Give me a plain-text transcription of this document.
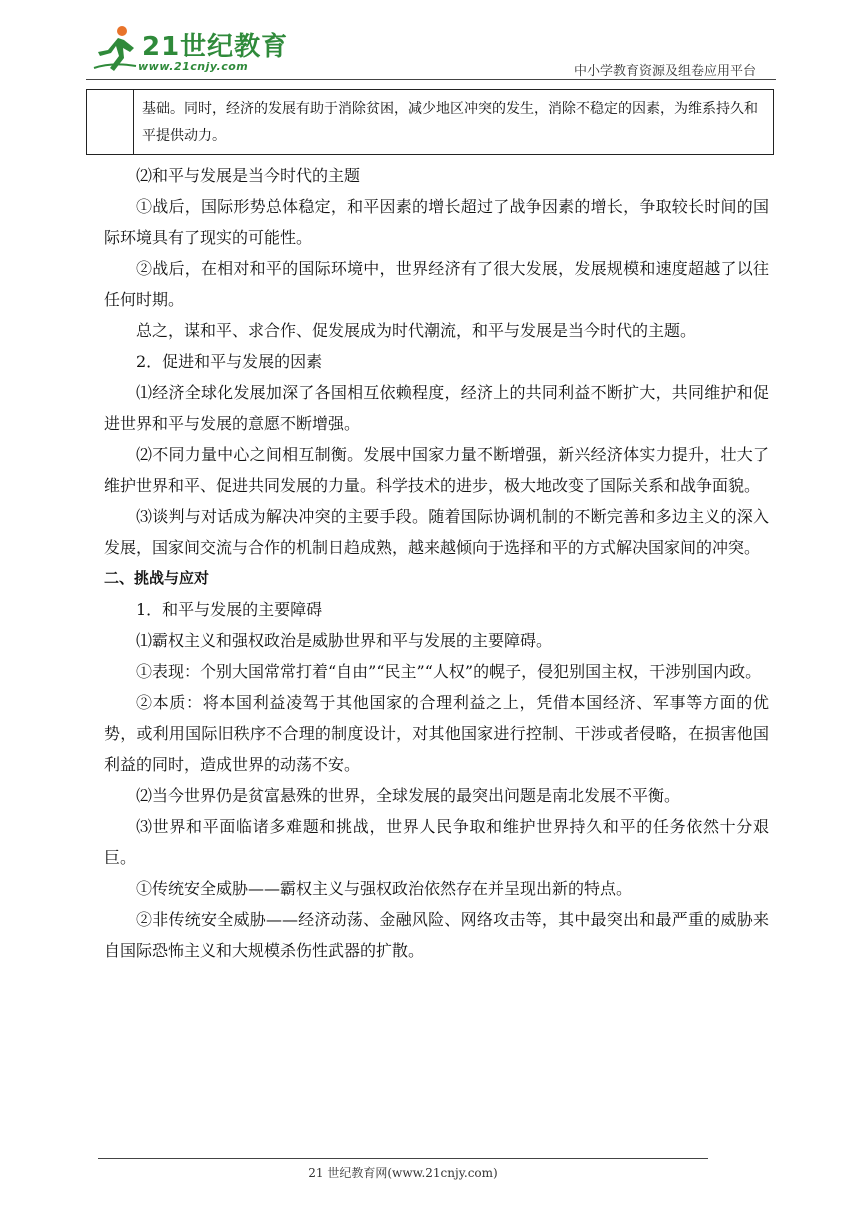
21世纪教育
www.21cnjy.com	中小学教育资源及组卷应用平台
基础。同时，经济的发展有助于消除贫困，减少地区冲突的发生，消除不稳定的因素，为维系持久和平提供动力。

⑵和平与发展是当今时代的主题

①战后，国际形势总体稳定，和平因素的增长超过了战争因素的增长，争取较长时间的国际环境具有了现实的可能性。

②战后，在相对和平的国际环境中，世界经济有了很大发展，发展规模和速度超越了以往任何时期。

总之，谋和平、求合作、促发展成为时代潮流，和平与发展是当今时代的主题。

2．促进和平与发展的因素

⑴经济全球化发展加深了各国相互依赖程度，经济上的共同利益不断扩大，共同维护和促进世界和平与发展的意愿不断增强。

⑵不同力量中心之间相互制衡。发展中国家力量不断增强，新兴经济体实力提升，壮大了维护世界和平、促进共同发展的力量。科学技术的进步，极大地改变了国际关系和战争面貌。

⑶谈判与对话成为解决冲突的主要手段。随着国际协调机制的不断完善和多边主义的深入发展，国家间交流与合作的机制日趋成熟，越来越倾向于选择和平的方式解决国家间的冲突。

二、挑战与应对

1．和平与发展的主要障碍

⑴霸权主义和强权政治是威胁世界和平与发展的主要障碍。

①表现：个别大国常常打着“自由”“民主”“人权”的幌子，侵犯别国主权，干涉别国内政。

②本质：将本国利益凌驾于其他国家的合理利益之上，凭借本国经济、军事等方面的优势，或利用国际旧秩序不合理的制度设计，对其他国家进行控制、干涉或者侵略，在损害他国利益的同时，造成世界的动荡不安。

⑵当今世界仍是贫富悬殊的世界，全球发展的最突出问题是南北发展不平衡。

⑶世界和平面临诸多难题和挑战，世界人民争取和维护世界持久和平的任务依然十分艰巨。

①传统安全威胁——霸权主义与强权政治依然存在并呈现出新的特点。

②非传统安全威胁——经济动荡、金融风险、网络攻击等，其中最突出和最严重的威胁来自国际恐怖主义和大规模杀伤性武器的扩散。

21 世纪教育网(www.21cnjy.com)
